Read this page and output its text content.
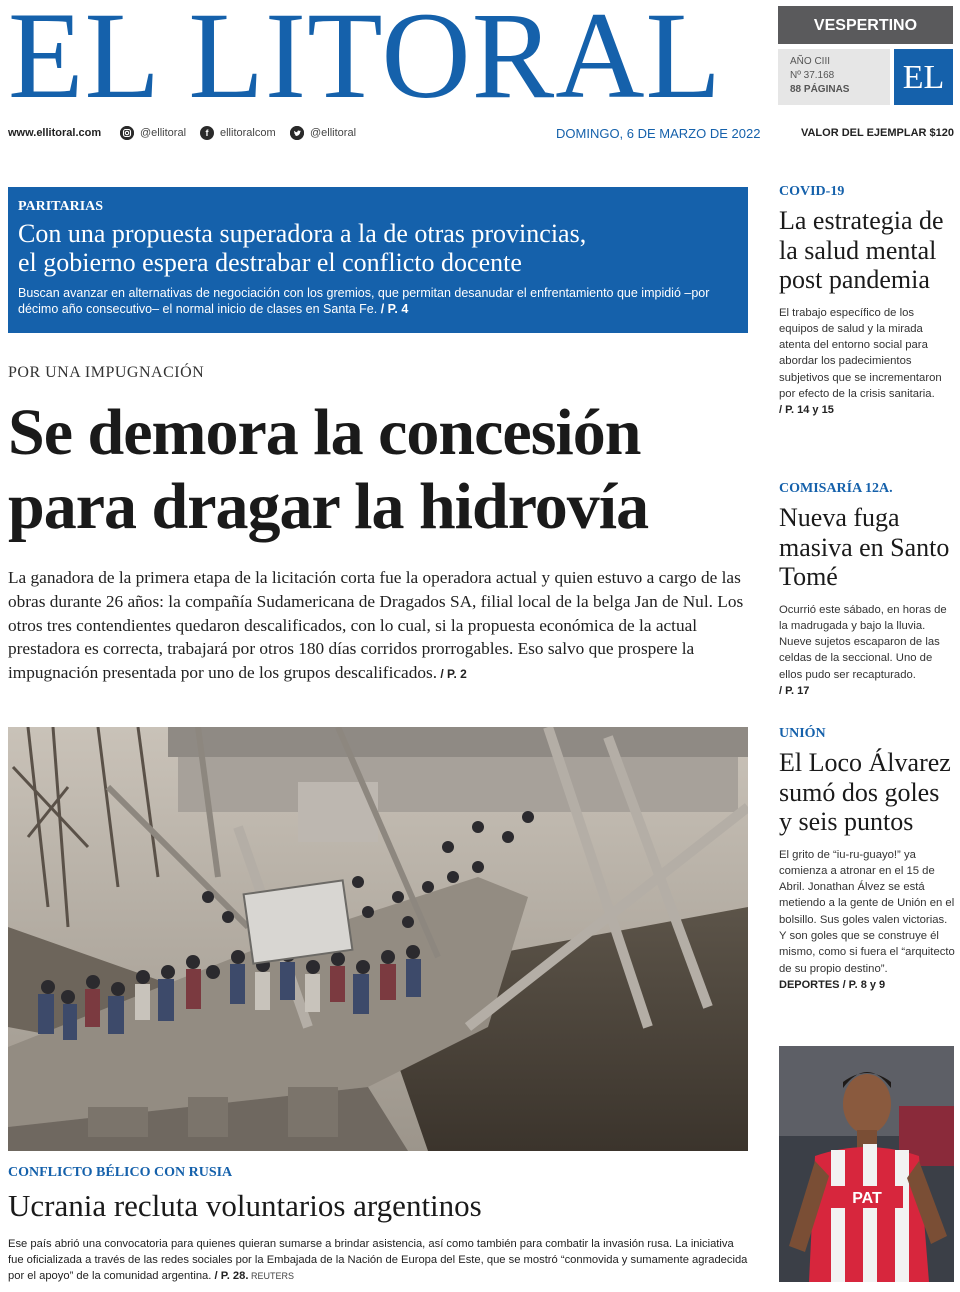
EL LITORAL	VESPERTINO
AÑO CIII
Nº 37.168
88 PÁGINAS	EL
www.ellitoral.com	@ellitoral	f	ellitoralcom	@ellitoral	DOMINGO, 6 DE MARZO DE 2022	VALOR DEL EJEMPLAR $120
PARITARIAS
Con una propuesta superadora a la de otras provincias,
el gobierno espera destrabar el conflicto docente
Buscan avanzar en alternativas de negociación con los gremios, que permitan desanudar el enfrentamiento que impidió –por décimo año consecutivo– el normal inicio de clases en Santa Fe. / P. 4
POR UNA IMPUGNACIÓN
Se demora la concesión
para dragar la hidrovía
La ganadora de la primera etapa de la licitación corta fue la operadora actual y quien estuvo a cargo de las obras durante 26 años: la compañía Sudamericana de Dragados SA, filial local de la belga Jan de Nul. Los otros tres contendientes quedaron descalificados, con lo cual, si la propuesta económica de la actual prestadora es correcta, trabajará por otros 180 días corridos prorrogables. Eso salvo que prospere la impugnación presentada por uno de los grupos descalificados. / P. 2
CONFLICTO BÉLICO CON RUSIA
Ucrania recluta voluntarios argentinos
Ese país abrió una convocatoria para quienes quieran sumarse a brindar asistencia, así como también para combatir la invasión rusa. La iniciativa fue oficializada a través de las redes sociales por la Embajada de la Nación de Europa del Este, que se mostró “conmovida y sumamente agradecida por el apoyo” de la comunidad argentina. / P. 28. REUTERS
COVID-19
La estrategia de la salud mental post pandemia
El trabajo específico de los equipos de salud y la mirada atenta del entorno social para abordar los padecimientos subjetivos que se incrementaron por efecto de la crisis sanitaria.
/ P. 14 y 15
COMISARÍA 12A.
Nueva fuga masiva en Santo Tomé
Ocurrió este sábado, en horas de la madrugada y bajo la lluvia. Nueve sujetos escaparon de las celdas de la seccional. Uno de ellos pudo ser recapturado.
/ P. 17
UNIÓN
El Loco Álvarez sumó dos goles y seis puntos
El grito de “iu-ru-guayo!” ya comienza a atronar en el 15 de Abril. Jonathan Álvez se está metiendo a la gente de Unión en el bolsillo. Sus goles valen victorias. Y son goles que se construye él mismo, como si fuera el “arquitecto de su propio destino”.
DEPORTES / P. 8 y 9
PAT
